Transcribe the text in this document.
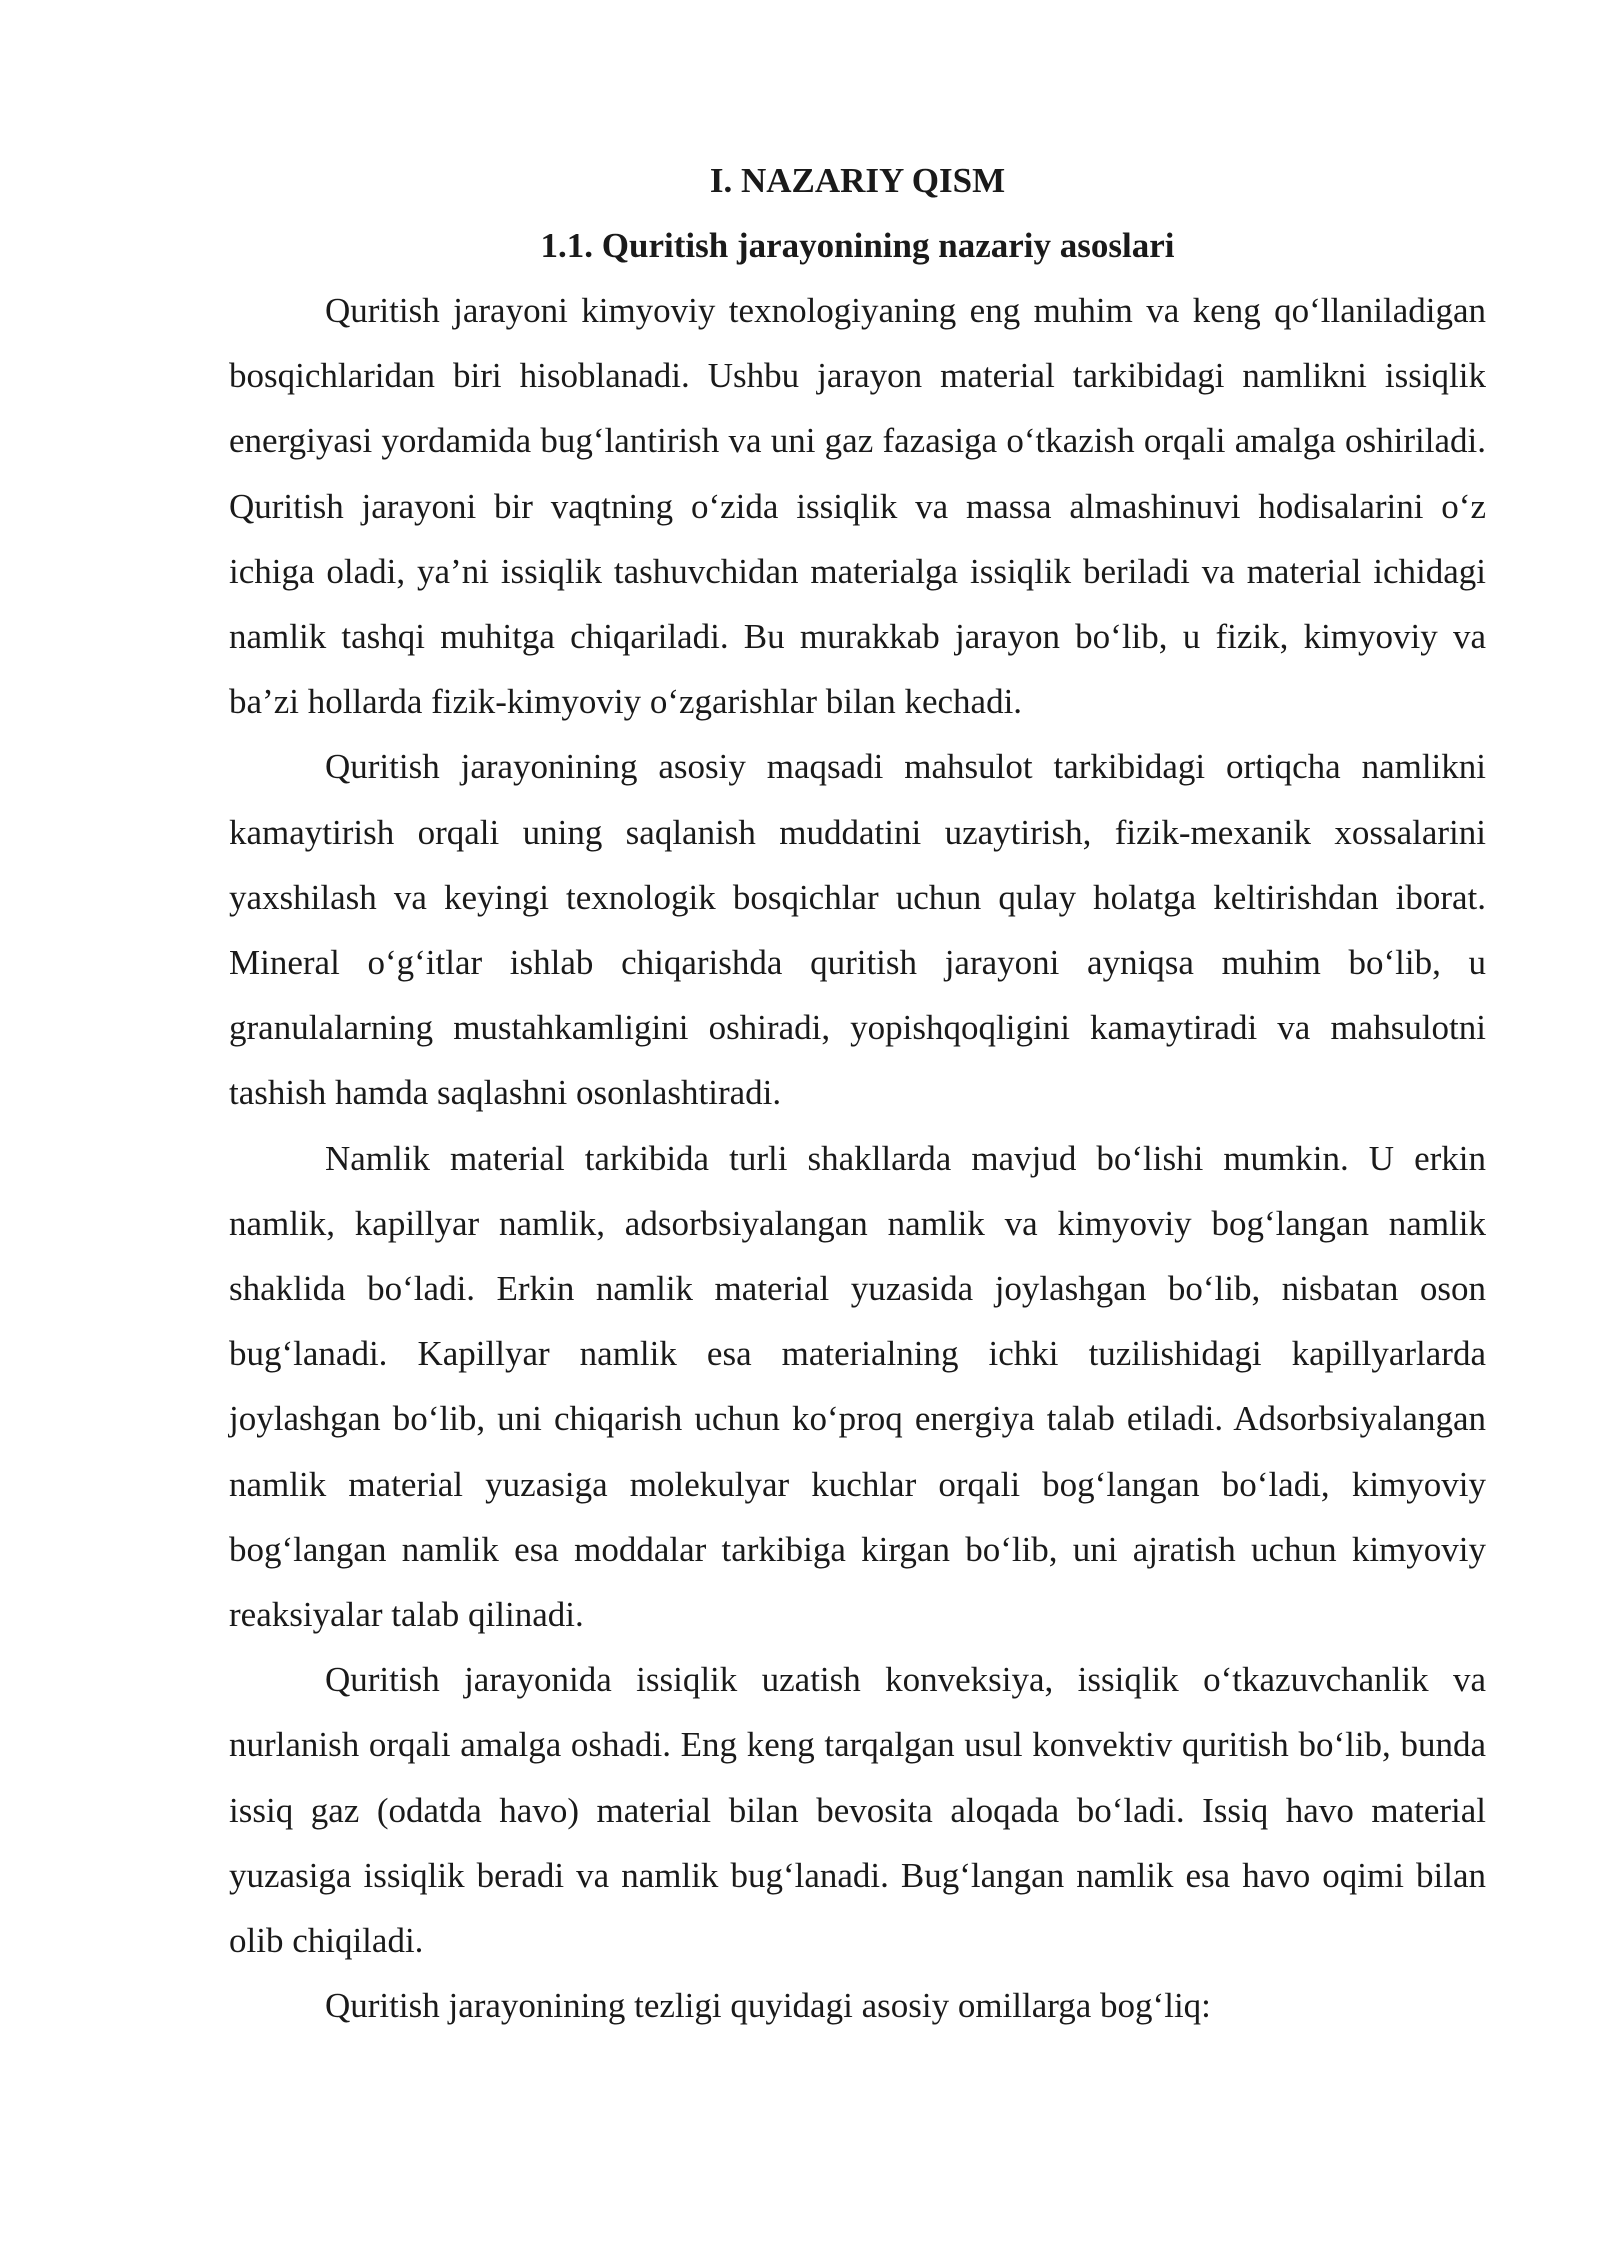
I. NAZARIY QISM
1.1. Quritish jarayonining nazariy asoslari

Quritish jarayoni kimyoviy texnologiyaning eng muhim va keng qo‘llaniladigan bosqichlaridan biri hisoblanadi. Ushbu jarayon material tarkibidagi namlikni issiqlik energiyasi yordamida bug‘lantirish va uni gaz fazasiga o‘tkazish orqali amalga oshiriladi. Quritish jarayoni bir vaqtning o‘zida issiqlik va massa almashinuvi hodisalarini o‘z ichiga oladi, ya’ni issiqlik tashuvchidan materialga issiqlik beriladi va material ichidagi namlik tashqi muhitga chiqariladi. Bu murakkab jarayon bo‘lib, u fizik, kimyoviy va ba’zi hollarda fizik-kimyoviy o‘zgarishlar bilan kechadi.

Quritish jarayonining asosiy maqsadi mahsulot tarkibidagi ortiqcha namlikni kamaytirish orqali uning saqlanish muddatini uzaytirish, fizik-mexanik xossalarini yaxshilash va keyingi texnologik bosqichlar uchun qulay holatga keltirishdan iborat. Mineral o‘g‘itlar ishlab chiqarishda quritish jarayoni ayniqsa muhim bo‘lib, u granulalarning mustahkamligini oshiradi, yopishqoqligini kamaytiradi va mahsulotni tashish hamda saqlashni osonlashtiradi.

Namlik material tarkibida turli shakllarda mavjud bo‘lishi mumkin. U erkin namlik, kapillyar namlik, adsorbsiyalangan namlik va kimyoviy bog‘langan namlik shaklida bo‘ladi. Erkin namlik material yuzasida joylashgan bo‘lib, nisbatan oson bug‘lanadi. Kapillyar namlik esa materialning ichki tuzilishidagi kapillyarlarda joylashgan bo‘lib, uni chiqarish uchun ko‘proq energiya talab etiladi. Adsorbsiyalangan namlik material yuzasiga molekulyar kuchlar orqali bog‘langan bo‘ladi, kimyoviy bog‘langan namlik esa moddalar tarkibiga kirgan bo‘lib, uni ajratish uchun kimyoviy reaksiyalar talab qilinadi.

Quritish jarayonida issiqlik uzatish konveksiya, issiqlik o‘tkazuvchanlik va nurlanish orqali amalga oshadi. Eng keng tarqalgan usul konvektiv quritish bo‘lib, bunda issiq gaz (odatda havo) material bilan bevosita aloqada bo‘ladi. Issiq havo material yuzasiga issiqlik beradi va namlik bug‘lanadi. Bug‘langan namlik esa havo oqimi bilan olib chiqiladi.

Quritish jarayonining tezligi quyidagi asosiy omillarga bog‘liq:
